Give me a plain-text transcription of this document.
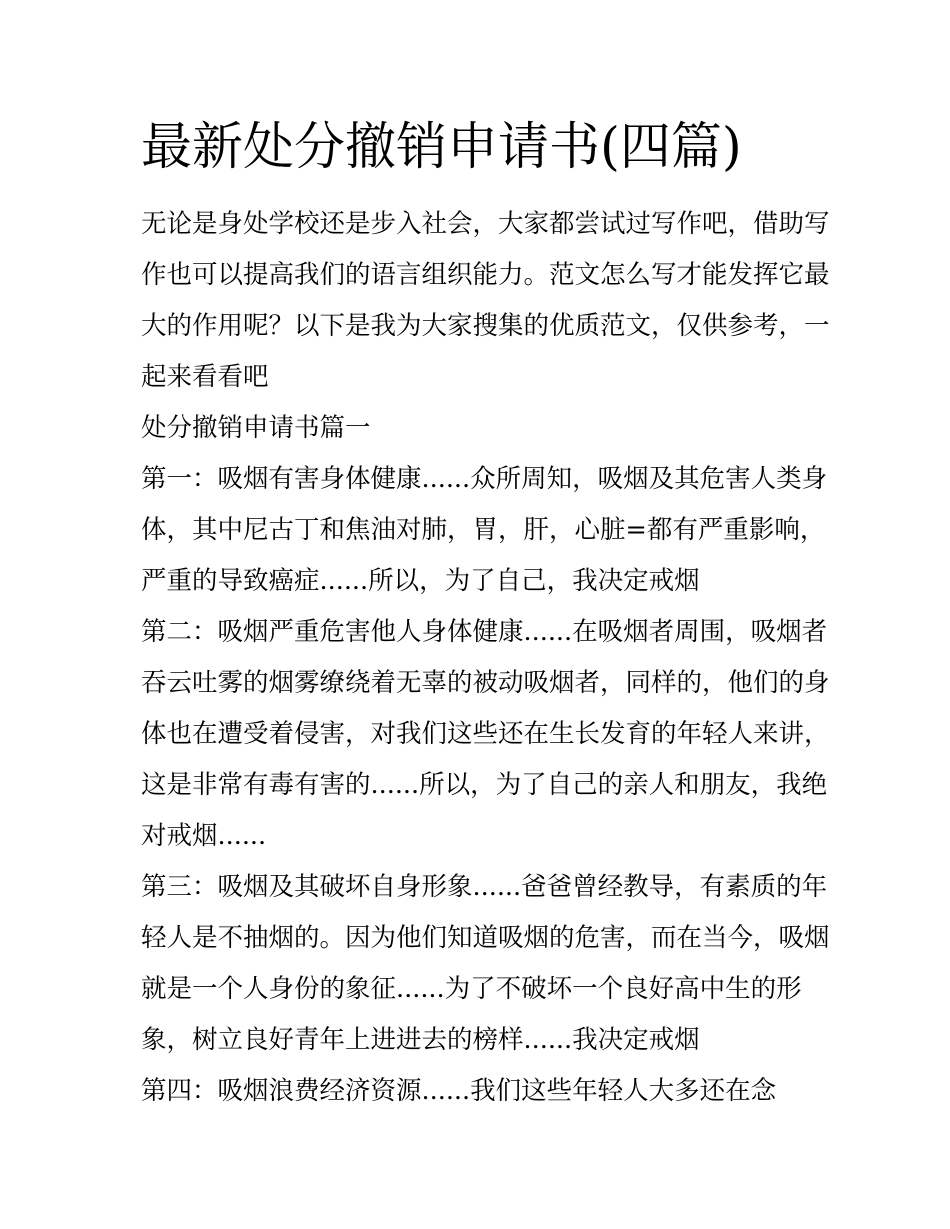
最新处分撤销申请书(四篇)
无论是身处学校还是步入社会，大家都尝试过写作吧，借助写
作也可以提高我们的语言组织能力。范文怎么写才能发挥它最
大的作用呢？以下是我为大家搜集的优质范文，仅供参考，一
起来看看吧
处分撤销申请书篇一
第一：吸烟有害身体健康......众所周知，吸烟及其危害人类身
体，其中尼古丁和焦油对肺，胃，肝，心脏=都有严重影响，
严重的导致癌症......所以，为了自己，我决定戒烟
第二：吸烟严重危害他人身体健康......在吸烟者周围，吸烟者
吞云吐雾的烟雾缭绕着无辜的被动吸烟者，同样的，他们的身
体也在遭受着侵害，对我们这些还在生长发育的年轻人来讲，
这是非常有毒有害的......所以，为了自己的亲人和朋友，我绝
对戒烟......
第三：吸烟及其破坏自身形象......爸爸曾经教导，有素质的年
轻人是不抽烟的。因为他们知道吸烟的危害，而在当今，吸烟
就是一个人身份的象征......为了不破坏一个良好高中生的形
象，树立良好青年上进进去的榜样......我决定戒烟
第四：吸烟浪费经济资源......我们这些年轻人大多还在念
